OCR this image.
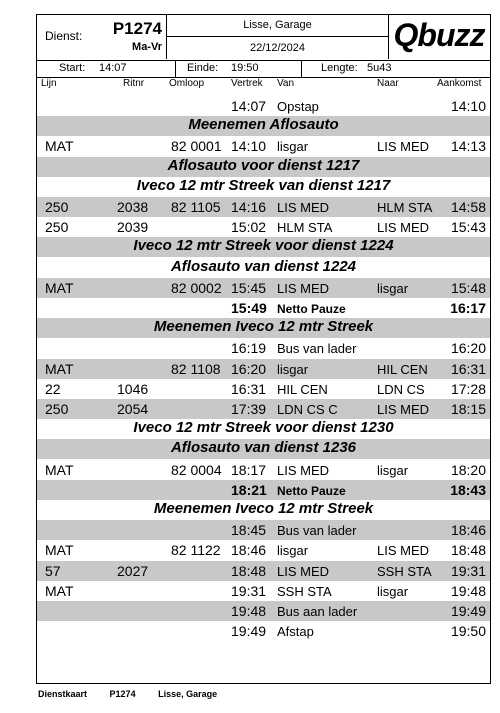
Dienst: P1274
Ma-Vr
Lisse, Garage
22/12/2024	Qbuzz
Start: 14:07	Einde: 19:50	Lengte: 5u43
Lijn	Ritnr Omloop	Vertrek Van	Naar	Aankomst
14:07 Opstap	14:10
Meenemen Aflosauto
MAT	82 0001 14:10 lisgar	LIS MED 14:13
Aflosauto voor dienst 1217
Iveco 12 mtr Streek van dienst 1217
250	2038 82 1105 14:16 LIS MED	HLM STA 14:58
250	2039	15:02 HLM STA	LIS MED 15:43
Iveco 12 mtr Streek voor dienst 1224
Aflosauto van dienst 1224
MAT	82 0002 15:45 LIS MED	lisgar	15:48
15:49 Netto Pauze	16:17
Meenemen Iveco 12 mtr Streek
16:19 Bus van lader	16:20
MAT	82 1108 16:20 lisgar	HIL CEN 16:31
22	1046	16:31 HIL CEN	LDN CS 17:28
250	2054	17:39 LDN CS C	LIS MED 18:15
Iveco 12 mtr Streek voor dienst 1230
Aflosauto van dienst 1236
MAT	82 0004 18:17 LIS MED	lisgar	18:20
18:21 Netto Pauze	18:43
Meenemen Iveco 12 mtr Streek
18:45 Bus van lader	18:46
MAT	82 1122 18:46 lisgar	LIS MED 18:48
57	2027	18:48 LIS MED	SSH STA 19:31
MAT	19:31 SSH STA	lisgar	19:48
19:48 Bus aan lader	19:49
19:49 Afstap	19:50
Dienstkaart	P1274	Lisse, Garage
